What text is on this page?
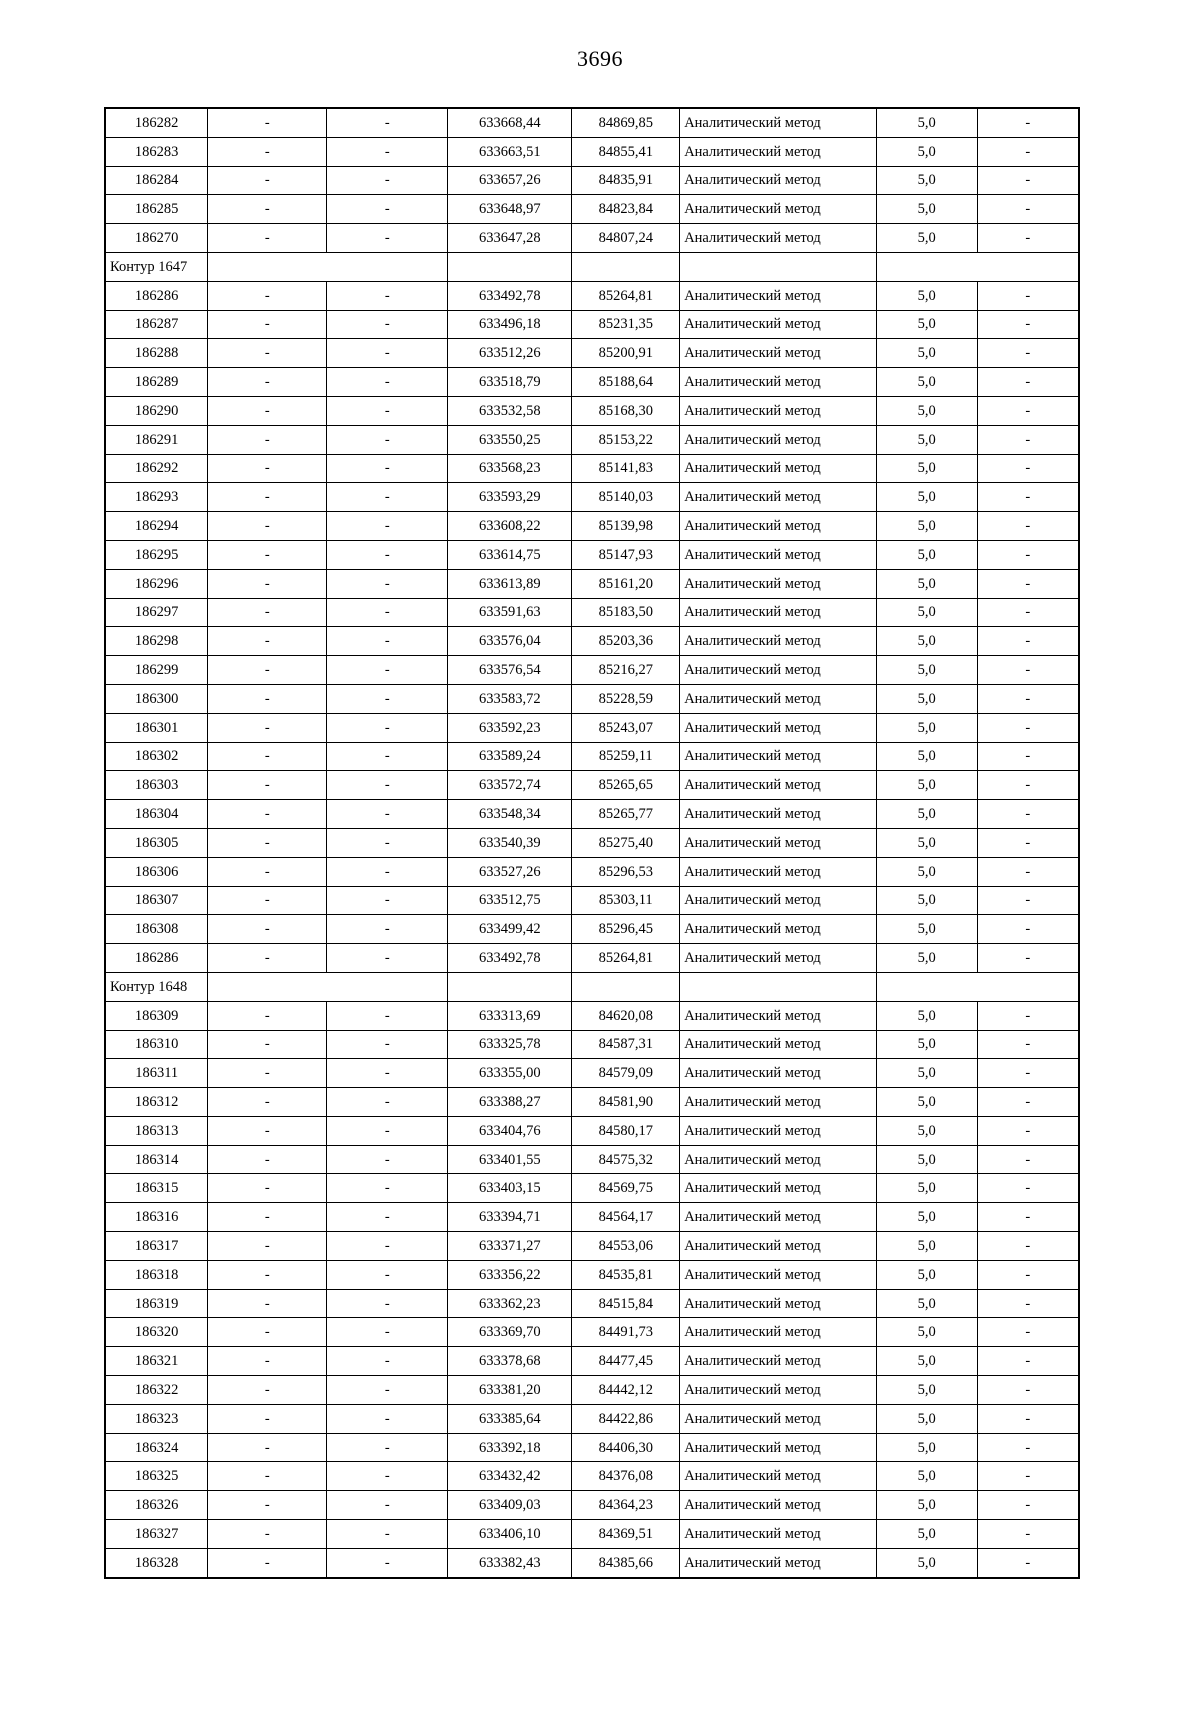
3696
186282	-	-	633668,44	84869,85	Аналитический метод	5,0	-
186283	-	-	633663,51	84855,41	Аналитический метод	5,0	-
186284	-	-	633657,26	84835,91	Аналитический метод	5,0	-
186285	-	-	633648,97	84823,84	Аналитический метод	5,0	-
186270	-	-	633647,28	84807,24	Аналитический метод	5,0	-
Контур 1647							
186286	-	-	633492,78	85264,81	Аналитический метод	5,0	-
186287	-	-	633496,18	85231,35	Аналитический метод	5,0	-
186288	-	-	633512,26	85200,91	Аналитический метод	5,0	-
186289	-	-	633518,79	85188,64	Аналитический метод	5,0	-
186290	-	-	633532,58	85168,30	Аналитический метод	5,0	-
186291	-	-	633550,25	85153,22	Аналитический метод	5,0	-
186292	-	-	633568,23	85141,83	Аналитический метод	5,0	-
186293	-	-	633593,29	85140,03	Аналитический метод	5,0	-
186294	-	-	633608,22	85139,98	Аналитический метод	5,0	-
186295	-	-	633614,75	85147,93	Аналитический метод	5,0	-
186296	-	-	633613,89	85161,20	Аналитический метод	5,0	-
186297	-	-	633591,63	85183,50	Аналитический метод	5,0	-
186298	-	-	633576,04	85203,36	Аналитический метод	5,0	-
186299	-	-	633576,54	85216,27	Аналитический метод	5,0	-
186300	-	-	633583,72	85228,59	Аналитический метод	5,0	-
186301	-	-	633592,23	85243,07	Аналитический метод	5,0	-
186302	-	-	633589,24	85259,11	Аналитический метод	5,0	-
186303	-	-	633572,74	85265,65	Аналитический метод	5,0	-
186304	-	-	633548,34	85265,77	Аналитический метод	5,0	-
186305	-	-	633540,39	85275,40	Аналитический метод	5,0	-
186306	-	-	633527,26	85296,53	Аналитический метод	5,0	-
186307	-	-	633512,75	85303,11	Аналитический метод	5,0	-
186308	-	-	633499,42	85296,45	Аналитический метод	5,0	-
186286	-	-	633492,78	85264,81	Аналитический метод	5,0	-
Контур 1648							
186309	-	-	633313,69	84620,08	Аналитический метод	5,0	-
186310	-	-	633325,78	84587,31	Аналитический метод	5,0	-
186311	-	-	633355,00	84579,09	Аналитический метод	5,0	-
186312	-	-	633388,27	84581,90	Аналитический метод	5,0	-
186313	-	-	633404,76	84580,17	Аналитический метод	5,0	-
186314	-	-	633401,55	84575,32	Аналитический метод	5,0	-
186315	-	-	633403,15	84569,75	Аналитический метод	5,0	-
186316	-	-	633394,71	84564,17	Аналитический метод	5,0	-
186317	-	-	633371,27	84553,06	Аналитический метод	5,0	-
186318	-	-	633356,22	84535,81	Аналитический метод	5,0	-
186319	-	-	633362,23	84515,84	Аналитический метод	5,0	-
186320	-	-	633369,70	84491,73	Аналитический метод	5,0	-
186321	-	-	633378,68	84477,45	Аналитический метод	5,0	-
186322	-	-	633381,20	84442,12	Аналитический метод	5,0	-
186323	-	-	633385,64	84422,86	Аналитический метод	5,0	-
186324	-	-	633392,18	84406,30	Аналитический метод	5,0	-
186325	-	-	633432,42	84376,08	Аналитический метод	5,0	-
186326	-	-	633409,03	84364,23	Аналитический метод	5,0	-
186327	-	-	633406,10	84369,51	Аналитический метод	5,0	-
186328	-	-	633382,43	84385,66	Аналитический метод	5,0	-
